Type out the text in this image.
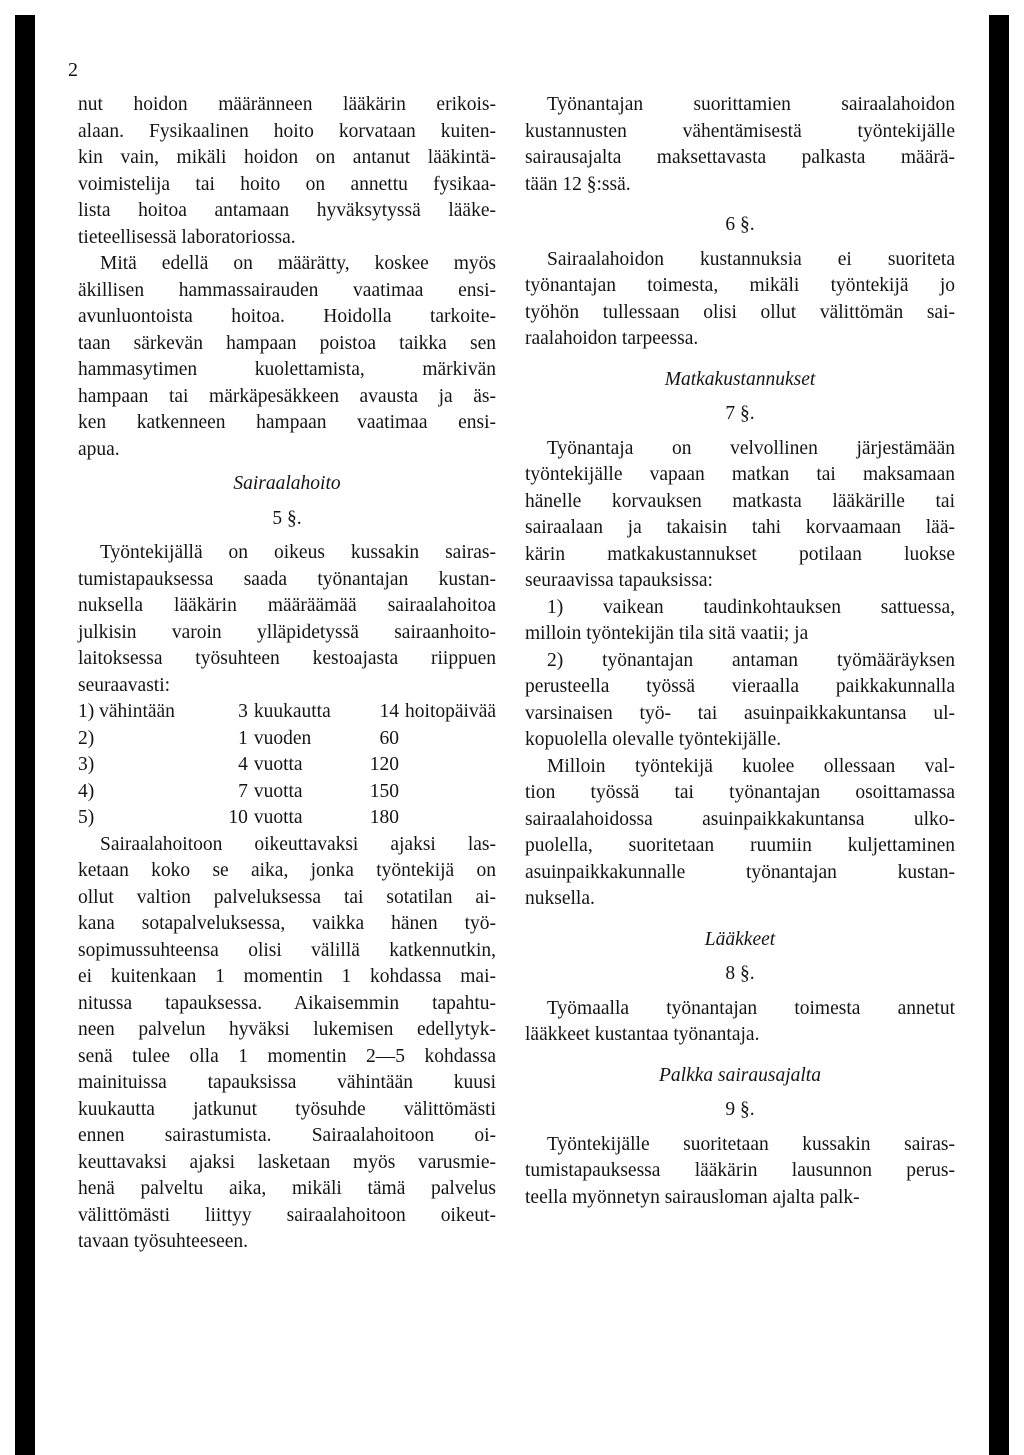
2
nut hoidon määränneen lääkärin erikois-
alaan. Fysikaalinen hoito korvataan kuiten-
kin vain, mikäli hoidon on antanut lääkintä-
voimistelija tai hoito on annettu fysikaa-
lista hoitoa antamaan hyväksytyssä lääke-
tieteellisessä laboratoriossa.
Mitä edellä on määrätty, koskee myös
äkillisen hammassairauden vaatimaa ensi-
avunluontoista hoitoa. Hoidolla tarkoite-
taan särkevän hampaan poistoa taikka sen
hammasytimen kuolettamista, märkivän
hampaan tai märkäpesäkkeen avausta ja äs-
ken katkenneen hampaan vaatimaa ensi-
apua.
Sairaalahoito
5 §.
Työntekijällä on oikeus kussakin sairas-
tumistapauksessa saada työnantajan kustan-
nuksella lääkärin määräämää sairaalahoitoa
julkisin varoin ylläpidetyssä sairaanhoito-
laitoksessa työsuhteen kestoajasta riippuen
seuraavasti:
1) vähintään	3	kuukautta	14	hoitopäivää
2)	1	vuoden	60	
3)	4	vuotta	120	
4)	7	vuotta	150	
5)	10	vuotta	180	
Sairaalahoitoon oikeuttavaksi ajaksi las-
ketaan koko se aika, jonka työntekijä on
ollut valtion palveluksessa tai sotatilan ai-
kana sotapalveluksessa, vaikka hänen työ-
sopimussuhteensa olisi välillä katkennutkin,
ei kuitenkaan 1 momentin 1 kohdassa mai-
nitussa tapauksessa. Aikaisemmin tapahtu-
neen palvelun hyväksi lukemisen edellytyk-
senä tulee olla 1 momentin 2—5 kohdassa
mainituissa tapauksissa vähintään kuusi
kuukautta jatkunut työsuhde välittömästi
ennen sairastumista. Sairaalahoitoon oi-
keuttavaksi ajaksi lasketaan myös varusmie-
henä palveltu aika, mikäli tämä palvelus
välittömästi liittyy sairaalahoitoon oikeut-
tavaan työsuhteeseen.
Työnantajan suorittamien sairaalahoidon
kustannusten vähentämisestä työntekijälle
sairausajalta maksettavasta palkasta määrä-
tään 12 §:ssä.
6 §.
Sairaalahoidon kustannuksia ei suoriteta
työnantajan toimesta, mikäli työntekijä jo
työhön tullessaan olisi ollut välittömän sai-
raalahoidon tarpeessa.
Matkakustannukset
7 §.
Työnantaja on velvollinen järjestämään
työntekijälle vapaan matkan tai maksamaan
hänelle korvauksen matkasta lääkärille tai
sairaalaan ja takaisin tahi korvaamaan lää-
kärin matkakustannukset potilaan luokse
seuraavissa tapauksissa:
1) vaikean taudinkohtauksen sattuessa,
milloin työntekijän tila sitä vaatii; ja
2) työnantajan antaman työmääräyksen
perusteella työssä vieraalla paikkakunnalla
varsinaisen työ- tai asuinpaikkakuntansa ul-
kopuolella olevalle työntekijälle.
Milloin työntekijä kuolee ollessaan val-
tion työssä tai työnantajan osoittamassa
sairaalahoidossa asuinpaikkakuntansa ulko-
puolella, suoritetaan ruumiin kuljettaminen
asuinpaikkakunnalle työnantajan kustan-
nuksella.
Lääkkeet
8 §.
Työmaalla työnantajan toimesta annetut
lääkkeet kustantaa työnantaja.
Palkka sairausajalta
9 §.
Työntekijälle suoritetaan kussakin sairas-
tumistapauksessa lääkärin lausunnon perus-
teella myönnetyn sairausloman ajalta palk-
